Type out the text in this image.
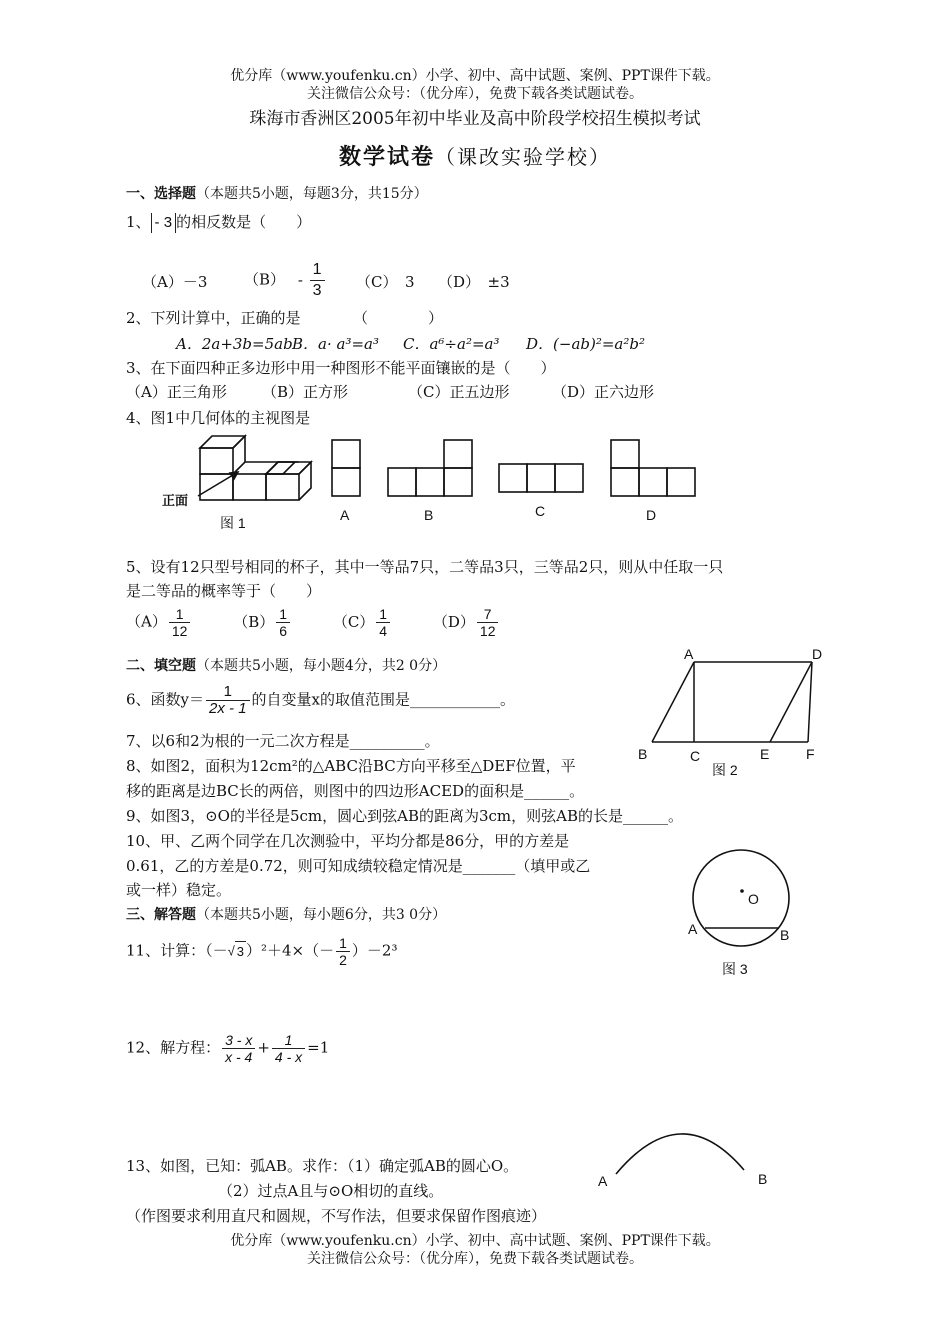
优分库（www.youfenku.cn）小学、初中、高中试题、案例、PPT课件下载。
关注微信公众号：（优分库），免费下载各类试题试卷。
珠海市香洲区2005年初中毕业及高中阶段学校招生模拟考试
数学试卷（课改实验学校）
一、选择题（本题共5小题，每题3分，共15分）
1、 - 3 的相反数是（　　）
（A）－3 $(B) - \frac{1}{3} (C)$　3 （D）　±3
2、下列计算中，正确的是　　　　（　　　　）
A．2a+3b=5ab B．a· a³=a³ C．a⁶÷a²=a³ D．(−ab)²=a²b²
3、在下面四种正多边形中用一种图形不能平面镶嵌的是（　　）
（A）正三角形 （B）正方形	（C）正五边形	（D）正六边形
4、图1中几何体的主视图是
正面
图 1	A	B	C	D
5、设有12只型号相同的杯子，其中一等品7只，二等品3只，三等品2只，则从中任取一只
是二等品的概率等于（　　）
$(A) \frac{1}{12}$	$(B) \frac{1}{6}$	$(C) \frac{1}{4}$	$(D) \frac{7}{12}$
二、填空题（本题共5小题，每小题4分，共2 0分）
A	D
B	C	E	F
图 2
6、函数$y= \frac{1}{2x - 1}$ 的自变量x的取值范围是____________。
7、以6和2为根的一元二次方程是__________。
8、如图2，面积为12cm²的△ABC沿BC方向平移至△DEF位置，平
移的距离是边BC长的两倍，则图中的四边形ACED的面积是______。
9、如图3，⊙O的半径是5cm，圆心到弦AB的距离为3cm，则弦AB的长是______。
10、甲、乙两个同学在几次测验中，平均分都是86分，甲的方差是
0.61，乙的方差是0.72，则可知成绩较稳定情况是_______（填甲或乙
或一样）稳定。	O
A	B
图 3
三、解答题（本题共5小题，每小题6分，共3 0分）
11、计算：（－√ 3 ）$^2+4\times(- \frac{1}{2} )-2^3$
12、解方程： $\frac{3 - x}{x - 4} + \frac{1}{4 - x} =1$
13、如图，已知：弧AB。求作：（1）确定弧AB的圆心O。
（2）过点A且与⊙O相切的直线。
（作图要求利用直尺和圆规，不写作法，但要求保留作图痕迹）
A	B
优分库（www.youfenku.cn）小学、初中、高中试题、案例、PPT课件下载。
关注微信公众号：（优分库），免费下载各类试题试卷。
